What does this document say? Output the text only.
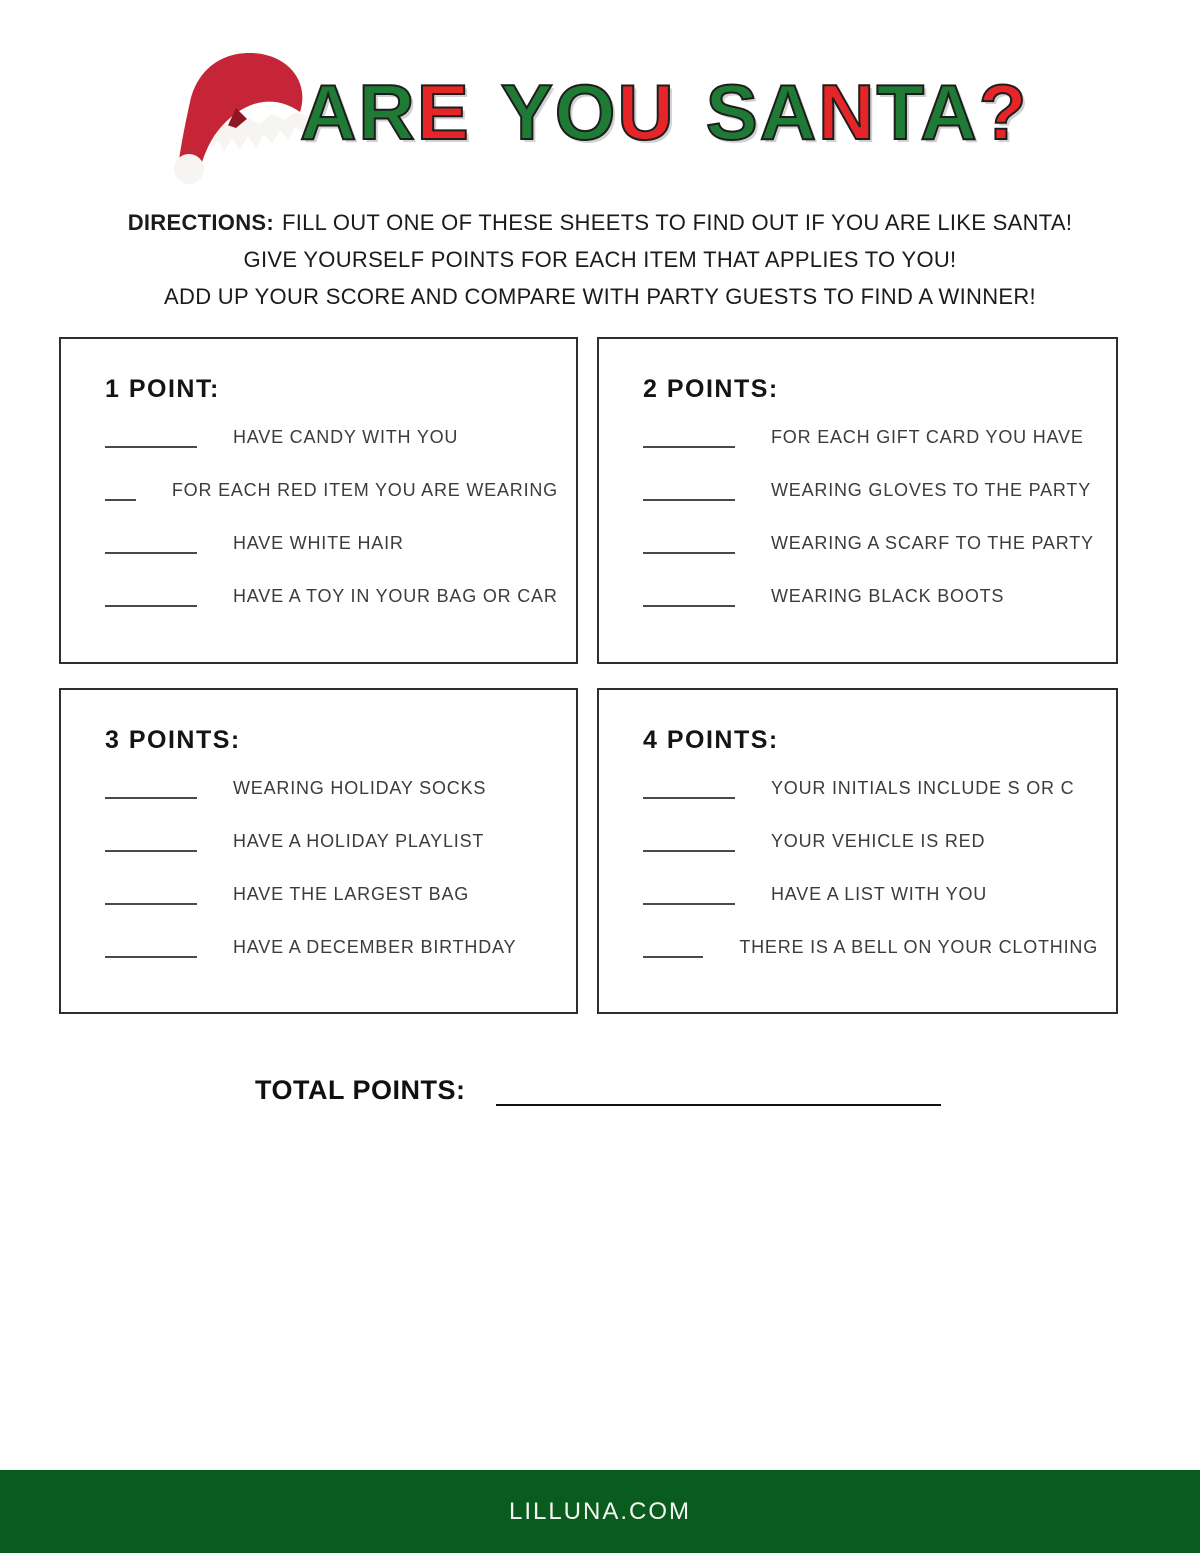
ARE YOU SANTA?

DIRECTIONS: FILL OUT ONE OF THESE SHEETS TO FIND OUT IF YOU ARE LIKE SANTA!

GIVE YOURSELF POINTS FOR EACH ITEM THAT APPLIES TO YOU!

ADD UP YOUR SCORE AND COMPARE WITH PARTY GUESTS TO FIND A WINNER!

1 POINT:
HAVE CANDY WITH YOU
FOR EACH RED ITEM YOU ARE WEARING
HAVE WHITE HAIR
HAVE A TOY IN YOUR BAG OR CAR
2 POINTS:
FOR EACH GIFT CARD YOU HAVE
WEARING GLOVES TO THE PARTY
WEARING A SCARF TO THE PARTY
WEARING BLACK BOOTS
3 POINTS:
WEARING HOLIDAY SOCKS
HAVE A HOLIDAY PLAYLIST
HAVE THE LARGEST BAG
HAVE A DECEMBER BIRTHDAY
4 POINTS:
YOUR INITIALS INCLUDE S OR C
YOUR VEHICLE IS RED
HAVE A LIST WITH YOU
THERE IS A BELL ON YOUR CLOTHING
TOTAL POINTS:
LILLUNA.COM
